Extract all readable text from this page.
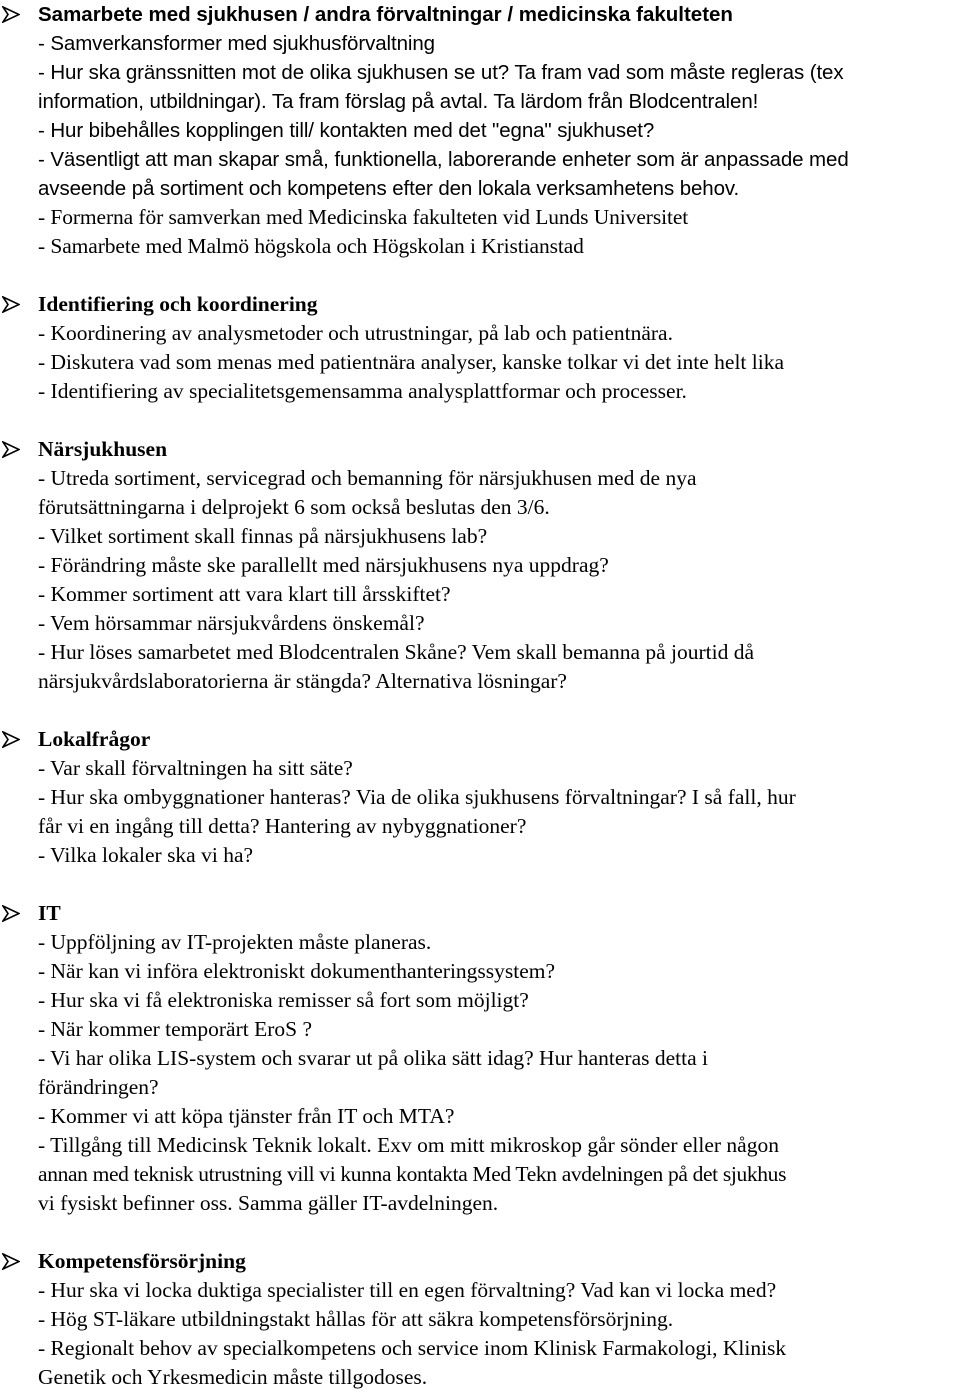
Samarbete med sjukhusen / andra förvaltningar / medicinska fakulteten
- Samverkansformer med sjukhusförvaltning
- Hur ska gränssnitten mot de olika sjukhusen se ut? Ta fram vad som måste regleras (tex
information, utbildningar). Ta fram förslag på avtal. Ta lärdom från Blodcentralen!
- Hur bibehålles kopplingen till/ kontakten med det "egna" sjukhuset?
- Väsentligt att man skapar små, funktionella, laborerande enheter som är anpassade med
avseende på sortiment och kompetens efter den lokala verksamhetens behov.
- Formerna för samverkan med Medicinska fakulteten vid Lunds Universitet
- Samarbete med Malmö högskola och Högskolan i Kristianstad
Identifiering och koordinering
- Koordinering av analysmetoder och utrustningar, på lab och patientnära.
- Diskutera vad som menas med patientnära analyser, kanske tolkar vi det inte helt lika
- Identifiering av specialitetsgemensamma analysplattformar och processer.
Närsjukhusen
- Utreda sortiment, servicegrad och bemanning för närsjukhusen med de nya
förutsättningarna i delprojekt 6 som också beslutas den 3/6.
- Vilket sortiment skall finnas på närsjukhusens lab?
- Förändring måste ske parallellt med närsjukhusens nya uppdrag?
- Kommer sortiment att vara klart till årsskiftet?
- Vem hörsammar närsjukvårdens önskemål?
- Hur löses samarbetet med Blodcentralen Skåne? Vem skall bemanna på jourtid då
närsjukvårdslaboratorierna är stängda? Alternativa lösningar?
Lokalfrågor
- Var skall förvaltningen ha sitt säte?
- Hur ska ombyggnationer hanteras? Via de olika sjukhusens förvaltningar? I så fall, hur
får vi en ingång till detta? Hantering av nybyggnationer?
- Vilka lokaler ska vi ha?
IT
- Uppföljning av IT-projekten måste planeras.
- När kan vi införa elektroniskt dokumenthanteringssystem?
- Hur ska vi få elektroniska remisser så fort som möjligt?
- När kommer temporärt EroS ?
- Vi har olika LIS-system och svarar ut på olika sätt idag? Hur hanteras detta i
förändringen?
- Kommer vi att köpa tjänster från IT och MTA?
- Tillgång till Medicinsk Teknik lokalt. Exv om mitt mikroskop går sönder eller någon
annan med teknisk utrustning vill vi kunna kontakta Med Tekn avdelningen på det sjukhus
vi fysiskt befinner oss. Samma gäller IT-avdelningen.
Kompetensförsörjning
- Hur ska vi locka duktiga specialister till en egen förvaltning? Vad kan vi locka med?
- Hög ST-läkare utbildningstakt hållas för att säkra kompetensförsörjning.
- Regionalt behov av specialkompetens och service inom Klinisk Farmakologi, Klinisk
Genetik och Yrkesmedicin måste tillgodoses.
